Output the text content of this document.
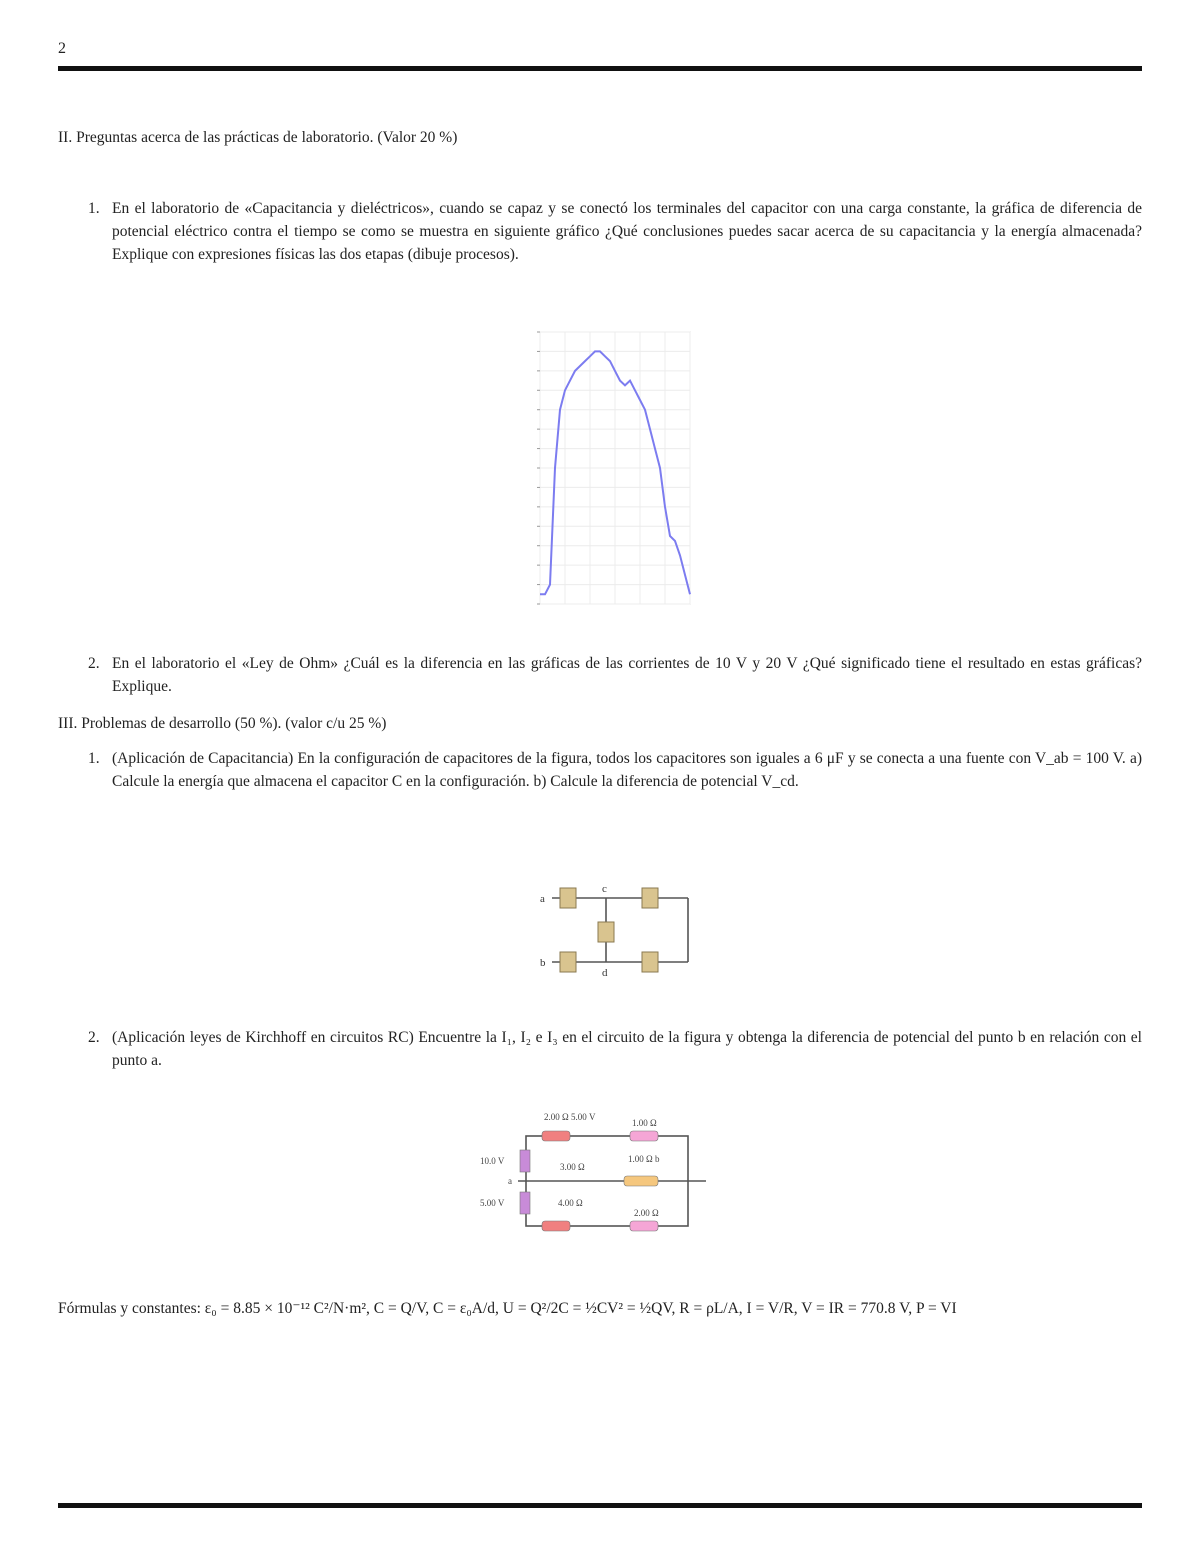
2
II. Preguntas acerca de las prácticas de laboratorio. (Valor 20 %)
1. En el laboratorio de «Capacitancia y dieléctricos», cuando se capaz y se conectó los terminales del capacitor con una carga constante, la gráfica de diferencia de potencial eléctrico contra el tiempo se como se muestra en siguiente gráfico ¿Qué conclusiones puedes sacar acerca de su capacitancia y la energía almacenada? Explique con expresiones físicas las dos etapas (dibuje procesos).
2. En el laboratorio el «Ley de Ohm» ¿Cuál es la diferencia en las gráficas de las corrientes de 10 V y 20 V ¿Qué significado tiene el resultado en estas gráficas? Explique.
III. Problemas de desarrollo (50 %). (valor c/u 25 %)
1. (Aplicación de Capacitancia) En la configuración de capacitores de la figura, todos los capacitores son iguales a 6 μF y se conecta a una fuente con V_ab = 100 V. a) Calcule la energía que almacena el capacitor C en la configuración. b) Calcule la diferencia de potencial V_cd.
a
b
c
d
2. (Aplicación leyes de Kirchhoff en circuitos RC) Encuentre la I₁, I₂ e I₃ en el circuito de la figura y obtenga la diferencia de potencial del punto b en relación con el punto a.
2.00 Ω 5.00 V
1.00 Ω
3.00 Ω
1.00 Ω b
4.00 Ω
2.00 Ω
10.0 V
5.00 V
a
Fórmulas y constantes: ε₀ = 8.85 × 10⁻¹² C²/N·m², C = Q/V, C = ε₀A/d, U = Q²/2C = ½CV² = ½QV, R = ρL/A, I = V/R, V = IR = 770.8 V, P = VI
